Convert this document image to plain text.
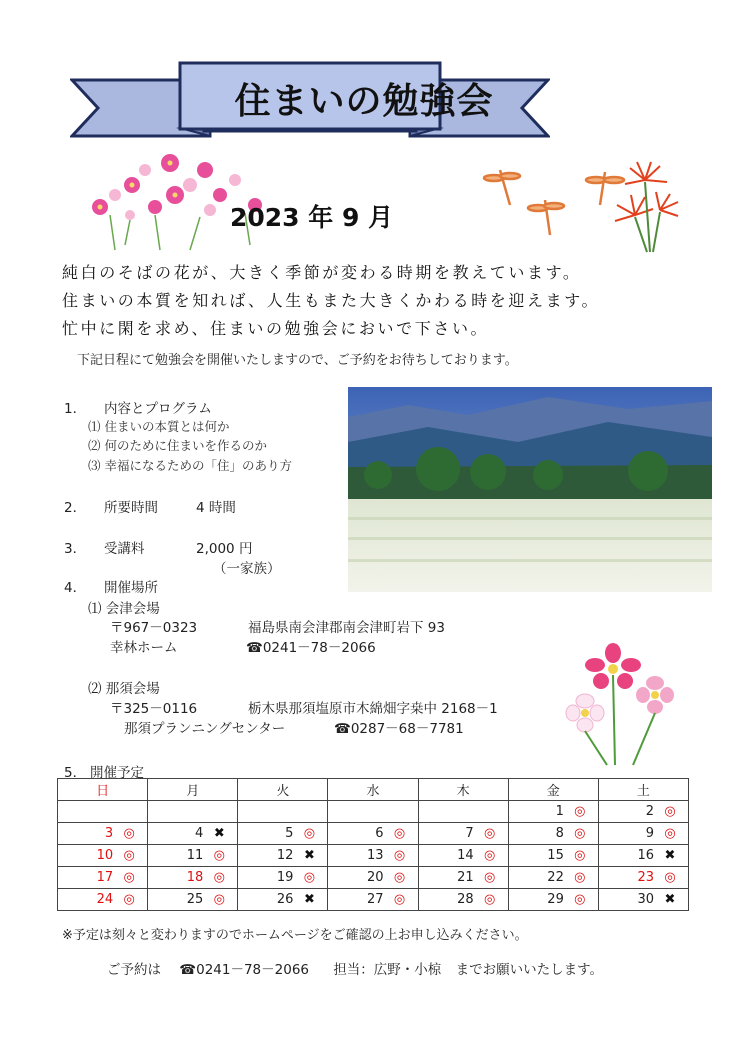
住まいの勉強会
2023 年 9 月
純白のそばの花が、大きく季節が変わる時期を教えています。
住まいの本質を知れば、人生もまた大きくかわる時を迎えます。
忙中に閑を求め、住まいの勉強会においで下さい。
下記日程にて勉強会を開催いたしますので、ご予約をお待ちしております。
1． 内容とプログラム
⑴ 住まいの本質とは何か
⑵ 何のために住まいを作るのか
⑶ 幸福になるための「住」のあり方
2． 所要時間	4 時間
3． 受講料	2,000 円
（一家族）
4． 開催場所
⑴ 会津会場
〒967－0323	福島県南会津郡南会津町岩下 93
幸林ホーム	☎0241－78－2066
⑵ 那須会場
〒325－0116	栃木県那須塩原市木綿畑字桒中 2168－1
那須プランニングセンター	☎0287－68－7781
5． 開催予定
日	月	火	水	木	金	土
					1 ◎	2 ◎
3 ◎	4 ✖	5 ◎	6 ◎	7 ◎	8 ◎	9 ◎
10 ◎	11 ◎	12 ✖	13 ◎	14 ◎	15 ◎	16 ✖
17 ◎	18 ◎	19 ◎	20 ◎	21 ◎	22 ◎	23 ◎
24 ◎	25 ◎	26 ✖	27 ◎	28 ◎	29 ◎	30 ✖
※予定は刻々と変わりますのでホームページをご確認の上お申し込みください。
ご予約は ☎0241－78－2066 担当：広野・小椋 までお願いいたします。
